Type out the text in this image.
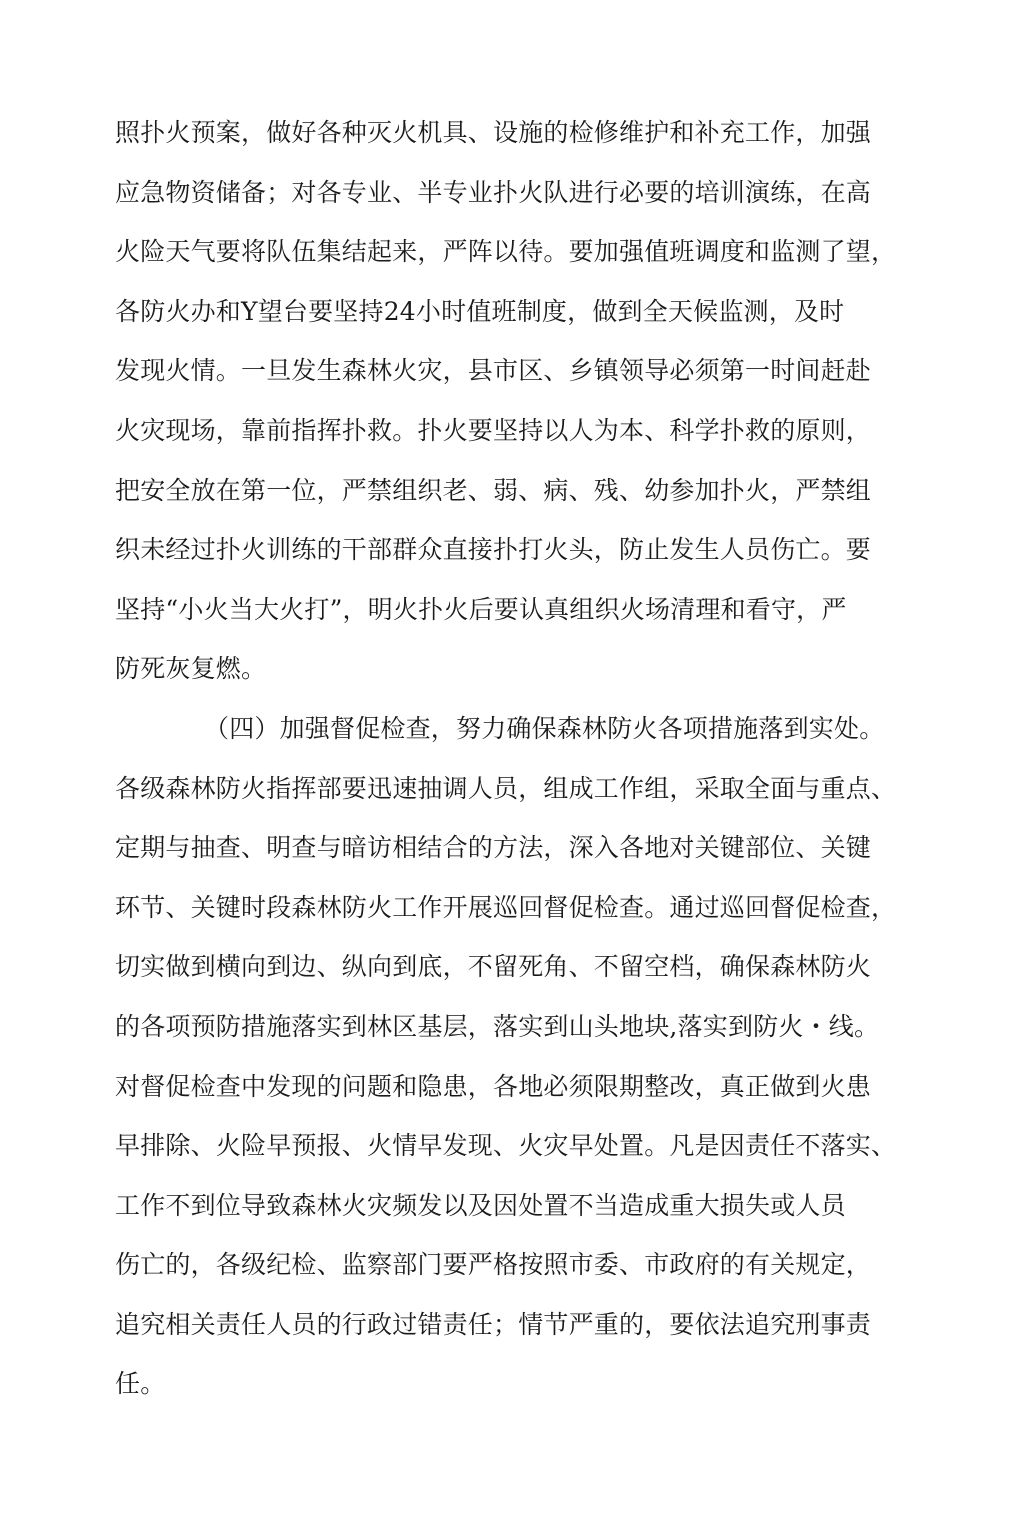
照扑火预案，做好各种灭火机具、设施的检修维护和补充工作，加强
应急物资储备；对各专业、半专业扑火队进行必要的培训演练，在高
火险天气要将队伍集结起来，严阵以待。要加强值班调度和监测了望，
各防火办和Y望台要坚持24小时值班制度，做到全天候监测，及时
发现火情。一旦发生森林火灾，县市区、乡镇领导必须第一时间赶赴
火灾现场，靠前指挥扑救。扑火要坚持以人为本、科学扑救的原则，
把安全放在第一位，严禁组织老、弱、病、残、幼参加扑火，严禁组
织未经过扑火训练的干部群众直接扑打火头，防止发生人员伤亡。要
坚持“小火当大火打”，明火扑火后要认真组织火场清理和看守，严
防死灰复燃。
（四）加强督促检查，努力确保森林防火各项措施落到实处。
各级森林防火指挥部要迅速抽调人员，组成工作组，采取全面与重点、
定期与抽查、明查与暗访相结合的方法，深入各地对关键部位、关键
环节、关键时段森林防火工作开展巡回督促检查。通过巡回督促检查，
切实做到横向到边、纵向到底，不留死角、不留空档，确保森林防火
的各项预防措施落实到林区基层，落实到山头地块,落实到防火・线。
对督促检查中发现的问题和隐患，各地必须限期整改，真正做到火患
早排除、火险早预报、火情早发现、火灾早处置。凡是因责任不落实、
工作不到位导致森林火灾频发以及因处置不当造成重大损失或人员
伤亡的，各级纪检、监察部门要严格按照市委、市政府的有关规定，
追究相关责任人员的行政过错责任；情节严重的，要依法追究刑事责
任。
